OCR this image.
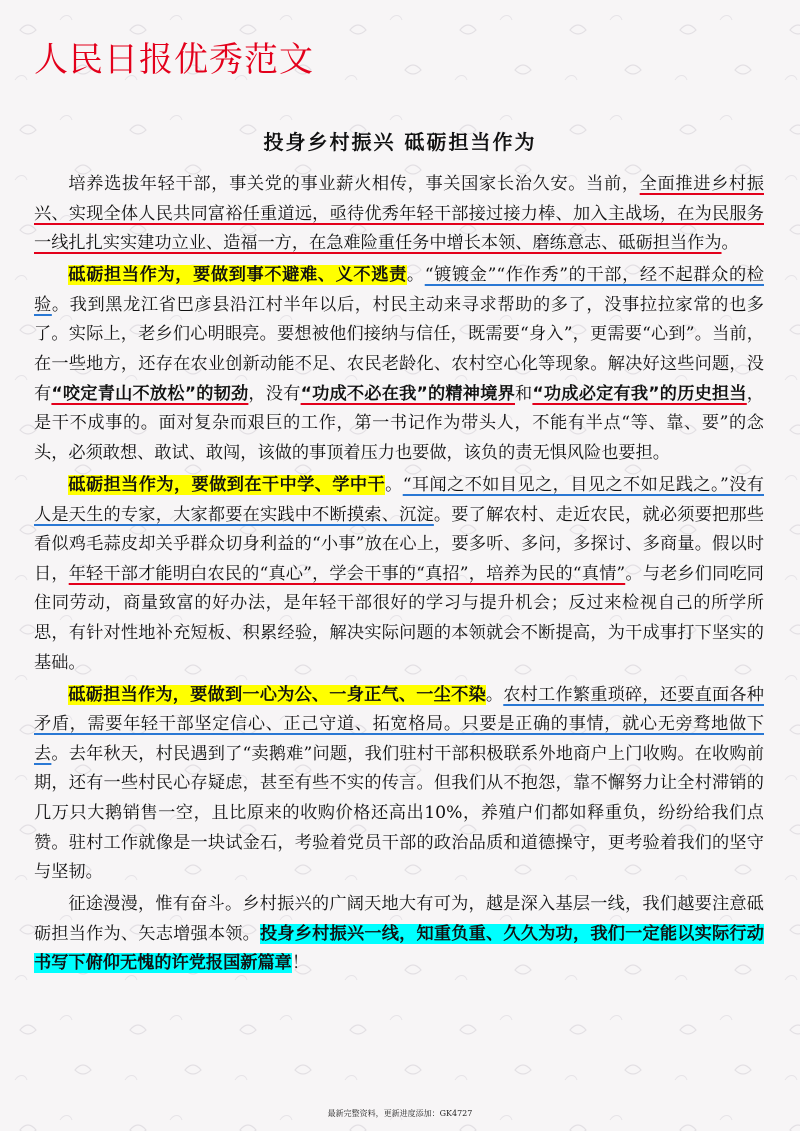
人民日报优秀范文
投身乡村振兴 砥砺担当作为

培养选拔年轻干部，事关党的事业薪火相传，事关国家长治久安。当前，全面推进乡村振兴、实现全体人民共同富裕任重道远，亟待优秀年轻干部接过接力棒、加入主战场，在为民服务一线扎扎实实建功立业、造福一方，在急难险重任务中增长本领、磨练意志、砥砺担当作为。

砥砺担当作为，要做到事不避难、义不逃责。“镀镀金”“作作秀”的干部，经不起群众的检验。我到黑龙江省巴彦县沿江村半年以后，村民主动来寻求帮助的多了，没事拉拉家常的也多了。实际上，老乡们心明眼亮。要想被他们接纳与信任，既需要“身入”，更需要“心到”。当前，在一些地方，还存在农业创新动能不足、农民老龄化、农村空心化等现象。解决好这些问题，没有“咬定青山不放松”的韧劲，没有“功成不必在我”的精神境界和“功成必定有我”的历史担当，是干不成事的。面对复杂而艰巨的工作，第一书记作为带头人，不能有半点“等、靠、要”的念头，必须敢想、敢试、敢闯，该做的事顶着压力也要做，该负的责无惧风险也要担。

砥砺担当作为，要做到在干中学、学中干。“耳闻之不如目见之，目见之不如足践之。”没有人是天生的专家，大家都要在实践中不断摸索、沉淀。要了解农村、走近农民，就必须要把那些看似鸡毛蒜皮却关乎群众切身利益的“小事”放在心上，要多听、多问，多探讨、多商量。假以时日，年轻干部才能明白农民的“真心”，学会干事的“真招”，培养为民的“真情”。与老乡们同吃同住同劳动，商量致富的好办法，是年轻干部很好的学习与提升机会；反过来检视自己的所学所思，有针对性地补充短板、积累经验，解决实际问题的本领就会不断提高，为干成事打下坚实的基础。

砥砺担当作为，要做到一心为公、一身正气、一尘不染。农村工作繁重琐碎，还要直面各种矛盾，需要年轻干部坚定信心、正己守道、拓宽格局。只要是正确的事情，就心无旁骛地做下去。去年秋天，村民遇到了“卖鹅难”问题，我们驻村干部积极联系外地商户上门收购。在收购前期，还有一些村民心存疑虑，甚至有些不实的传言。但我们从不抱怨，靠不懈努力让全村滞销的几万只大鹅销售一空，且比原来的收购价格还高出10%，养殖户们都如释重负，纷纷给我们点赞。驻村工作就像是一块试金石，考验着党员干部的政治品质和道德操守，更考验着我们的坚守与坚韧。

征途漫漫，惟有奋斗。乡村振兴的广阔天地大有可为，越是深入基层一线，我们越要注意砥砺担当作为、矢志增强本领。投身乡村振兴一线，知重负重、久久为功，我们一定能以实际行动书写下俯仰无愧的许党报国新篇章！

最新完整资料，更新进度添加：GK4727
